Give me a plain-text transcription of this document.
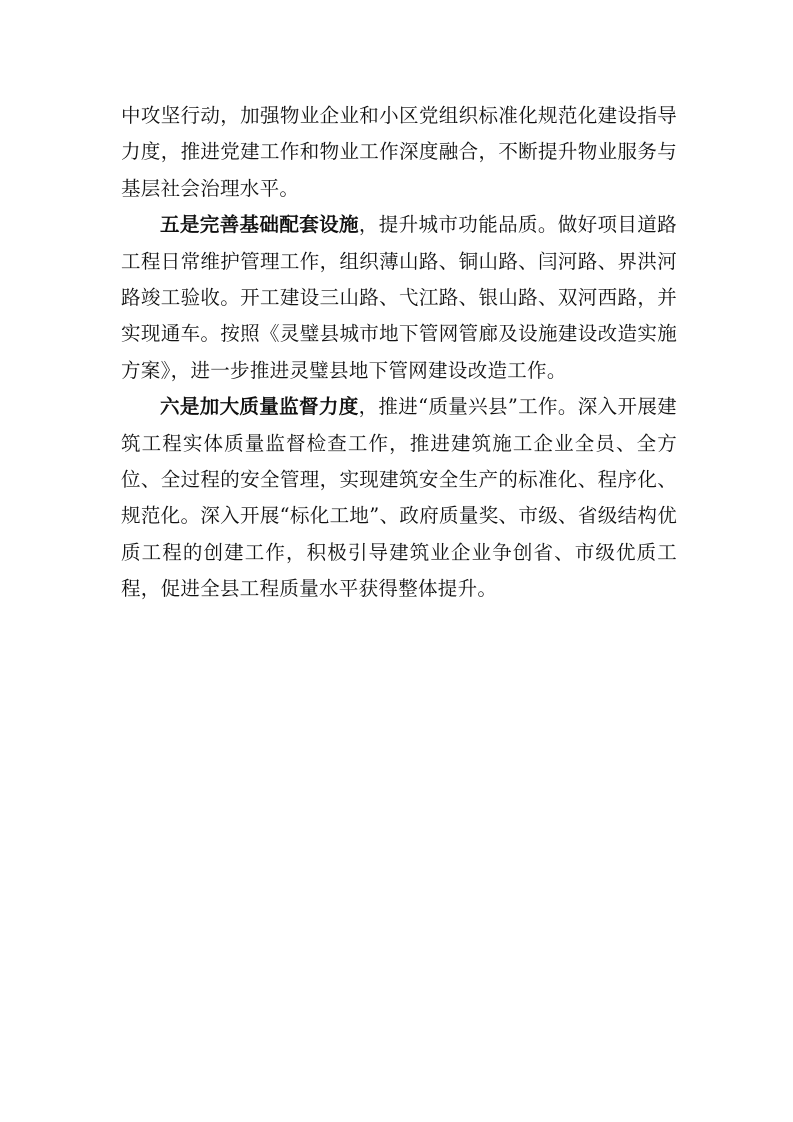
中攻坚行动，加强物业企业和小区党组织标准化规范化建设指导力度，推进党建工作和物业工作深度融合，不断提升物业服务与基层社会治理水平。

五是完善基础配套设施，提升城市功能品质。做好项目道路工程日常维护管理工作，组织薄山路、铜山路、闫河路、界洪河路竣工验收。开工建设三山路、弋江路、银山路、双河西路，并实现通车。按照《灵璧县城市地下管网管廊及设施建设改造实施方案》，进一步推进灵璧县地下管网建设改造工作。

六是加大质量监督力度，推进“质量兴县”工作。深入开展建筑工程实体质量监督检查工作，推进建筑施工企业全员、全方位、全过程的安全管理，实现建筑安全生产的标准化、程序化、规范化。深入开展“标化工地”、政府质量奖、市级、省级结构优质工程的创建工作，积极引导建筑业企业争创省、市级优质工程，促进全县工程质量水平获得整体提升。
